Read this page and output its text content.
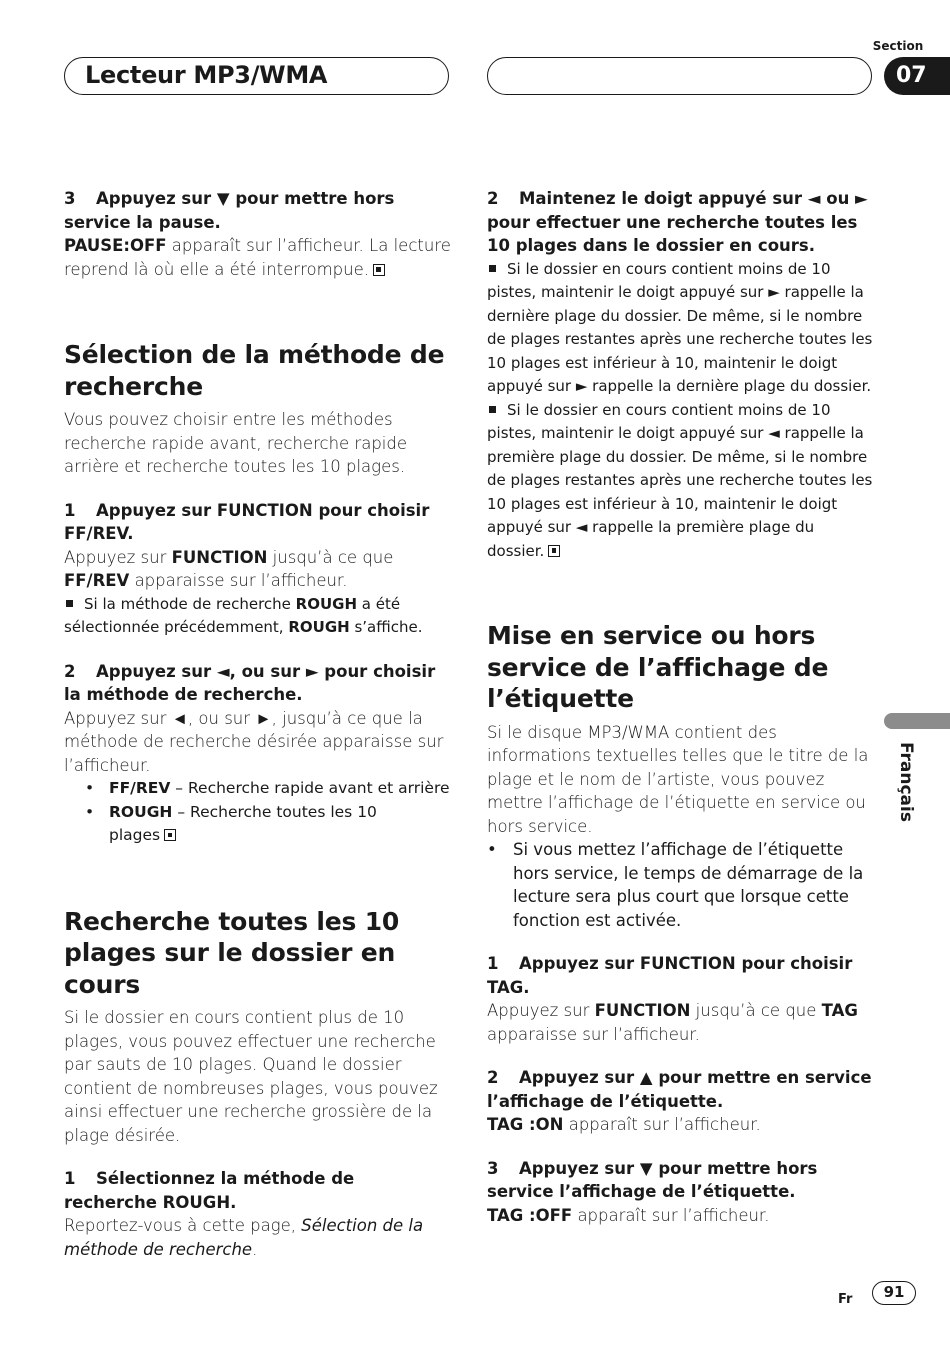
Lecteur MP3/WMA
Section
07
Français

3 Appuyez sur ▼ pour mettre hors service la pause.

PAUSE:OFF apparaît sur l’afficheur. La lecture reprend là où elle a été interrompue.

Sélection de la méthode de recherche

Vous pouvez choisir entre les méthodes recherche rapide avant, recherche rapide arrière et recherche toutes les 10 plages.

1 Appuyez sur FUNCTION pour choisir FF/REV.

Appuyez sur FUNCTION jusqu’à ce que FF/REV apparaisse sur l’afficheur.

Si la méthode de recherche ROUGH a été sélectionnée précédemment, ROUGH s’affiche.

2 Appuyez sur ◄, ou sur ► pour choisir la méthode de recherche.

Appuyez sur ◄, ou sur ►, jusqu’à ce que la méthode de recherche désirée apparaisse sur l’afficheur.

• FF/REV – Recherche rapide avant et arrière

• ROUGH – Recherche toutes les 10 plages

Recherche toutes les 10 plages sur le dossier en cours

Si le dossier en cours contient plus de 10 plages, vous pouvez effectuer une recherche par sauts de 10 plages. Quand le dossier contient de nombreuses plages, vous pouvez ainsi effectuer une recherche grossière de la plage désirée.

1 Sélectionnez la méthode de recherche ROUGH.

Reportez-vous à cette page, Sélection de la méthode de recherche.

2 Maintenez le doigt appuyé sur ◄ ou ► pour effectuer une recherche toutes les 10 plages dans le dossier en cours.

Si le dossier en cours contient moins de 10 pistes, maintenir le doigt appuyé sur ► rappelle la dernière plage du dossier. De même, si le nombre de plages restantes après une recherche toutes les 10 plages est inférieur à 10, maintenir le doigt appuyé sur ► rappelle la dernière plage du dossier.

Si le dossier en cours contient moins de 10 pistes, maintenir le doigt appuyé sur ◄ rappelle la première plage du dossier. De même, si le nombre de plages restantes après une recherche toutes les 10 plages est inférieur à 10, maintenir le doigt appuyé sur ◄ rappelle la première plage du dossier.

Mise en service ou hors service de l’affichage de l’étiquette

Si le disque MP3/WMA contient des informations textuelles telles que le titre de la plage et le nom de l’artiste, vous pouvez mettre l’affichage de l’étiquette en service ou hors service.

• Si vous mettez l’affichage de l’étiquette hors service, le temps de démarrage de la lecture sera plus court que lorsque cette fonction est activée.

1 Appuyez sur FUNCTION pour choisir TAG.

Appuyez sur FUNCTION jusqu’à ce que TAG apparaisse sur l’afficheur.

2 Appuyez sur ▲ pour mettre en service l’affichage de l’étiquette.

TAG :ON apparaît sur l’afficheur.

3 Appuyez sur ▼ pour mettre hors service l’affichage de l’étiquette.

TAG :OFF apparaît sur l’afficheur.

Fr	91
